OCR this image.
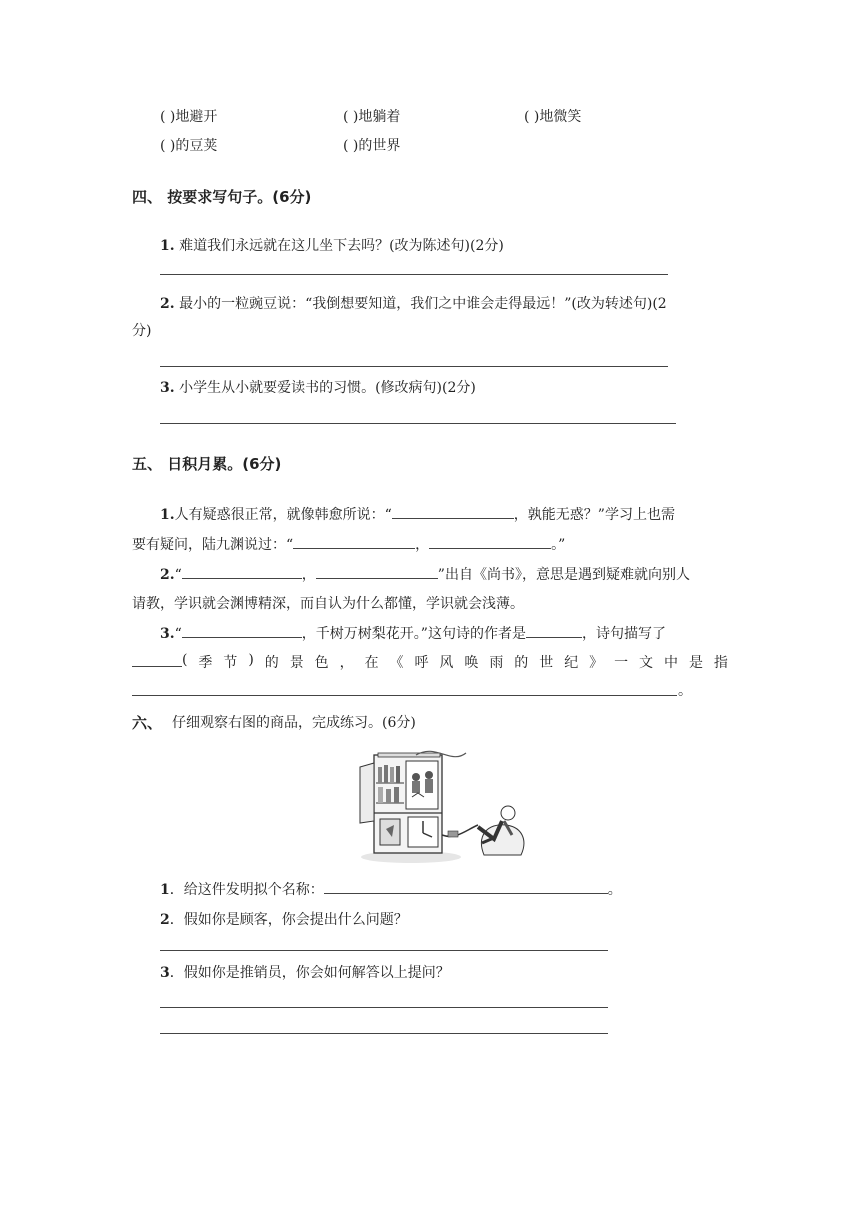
( )地避开	( )地躺着	( )地微笑
( )的豆荚	( )的世界
四、 按要求写句子。(6分)
1. 难道我们永远就在这儿坐下去吗？(改为陈述句)(2分)
2. 最小的一粒豌豆说：“我倒想要知道，我们之中谁会走得最远！”(改为转述句)(2
分)
3. 小学生从小就要爱读书的习惯。(修改病句)(2分)
五、 日积月累。(6分)
1.人有疑惑很正常，就像韩愈所说：“	，孰能无惑？”学习上也需
要有疑问，陆九渊说过：“	，	。”
2.“	，	”出自《尚书》，意思是遇到疑难就向别人
请教，学识就会渊博精深，而自认为什么都懂，学识就会浅薄。
3.“	，千树万树梨花开。”这句诗的作者是	，诗句描写了
( 季 节 ) 的 景 色 ， 在 《 呼 风 唤 雨 的 世 纪 》 一 文 中 是 指
。
六、 仔细观察右图的商品，完成练习。(6分)
1．给这件发明拟个名称：	。
2．假如你是顾客，你会提出什么问题？
3．假如你是推销员，你会如何解答以上提问？
